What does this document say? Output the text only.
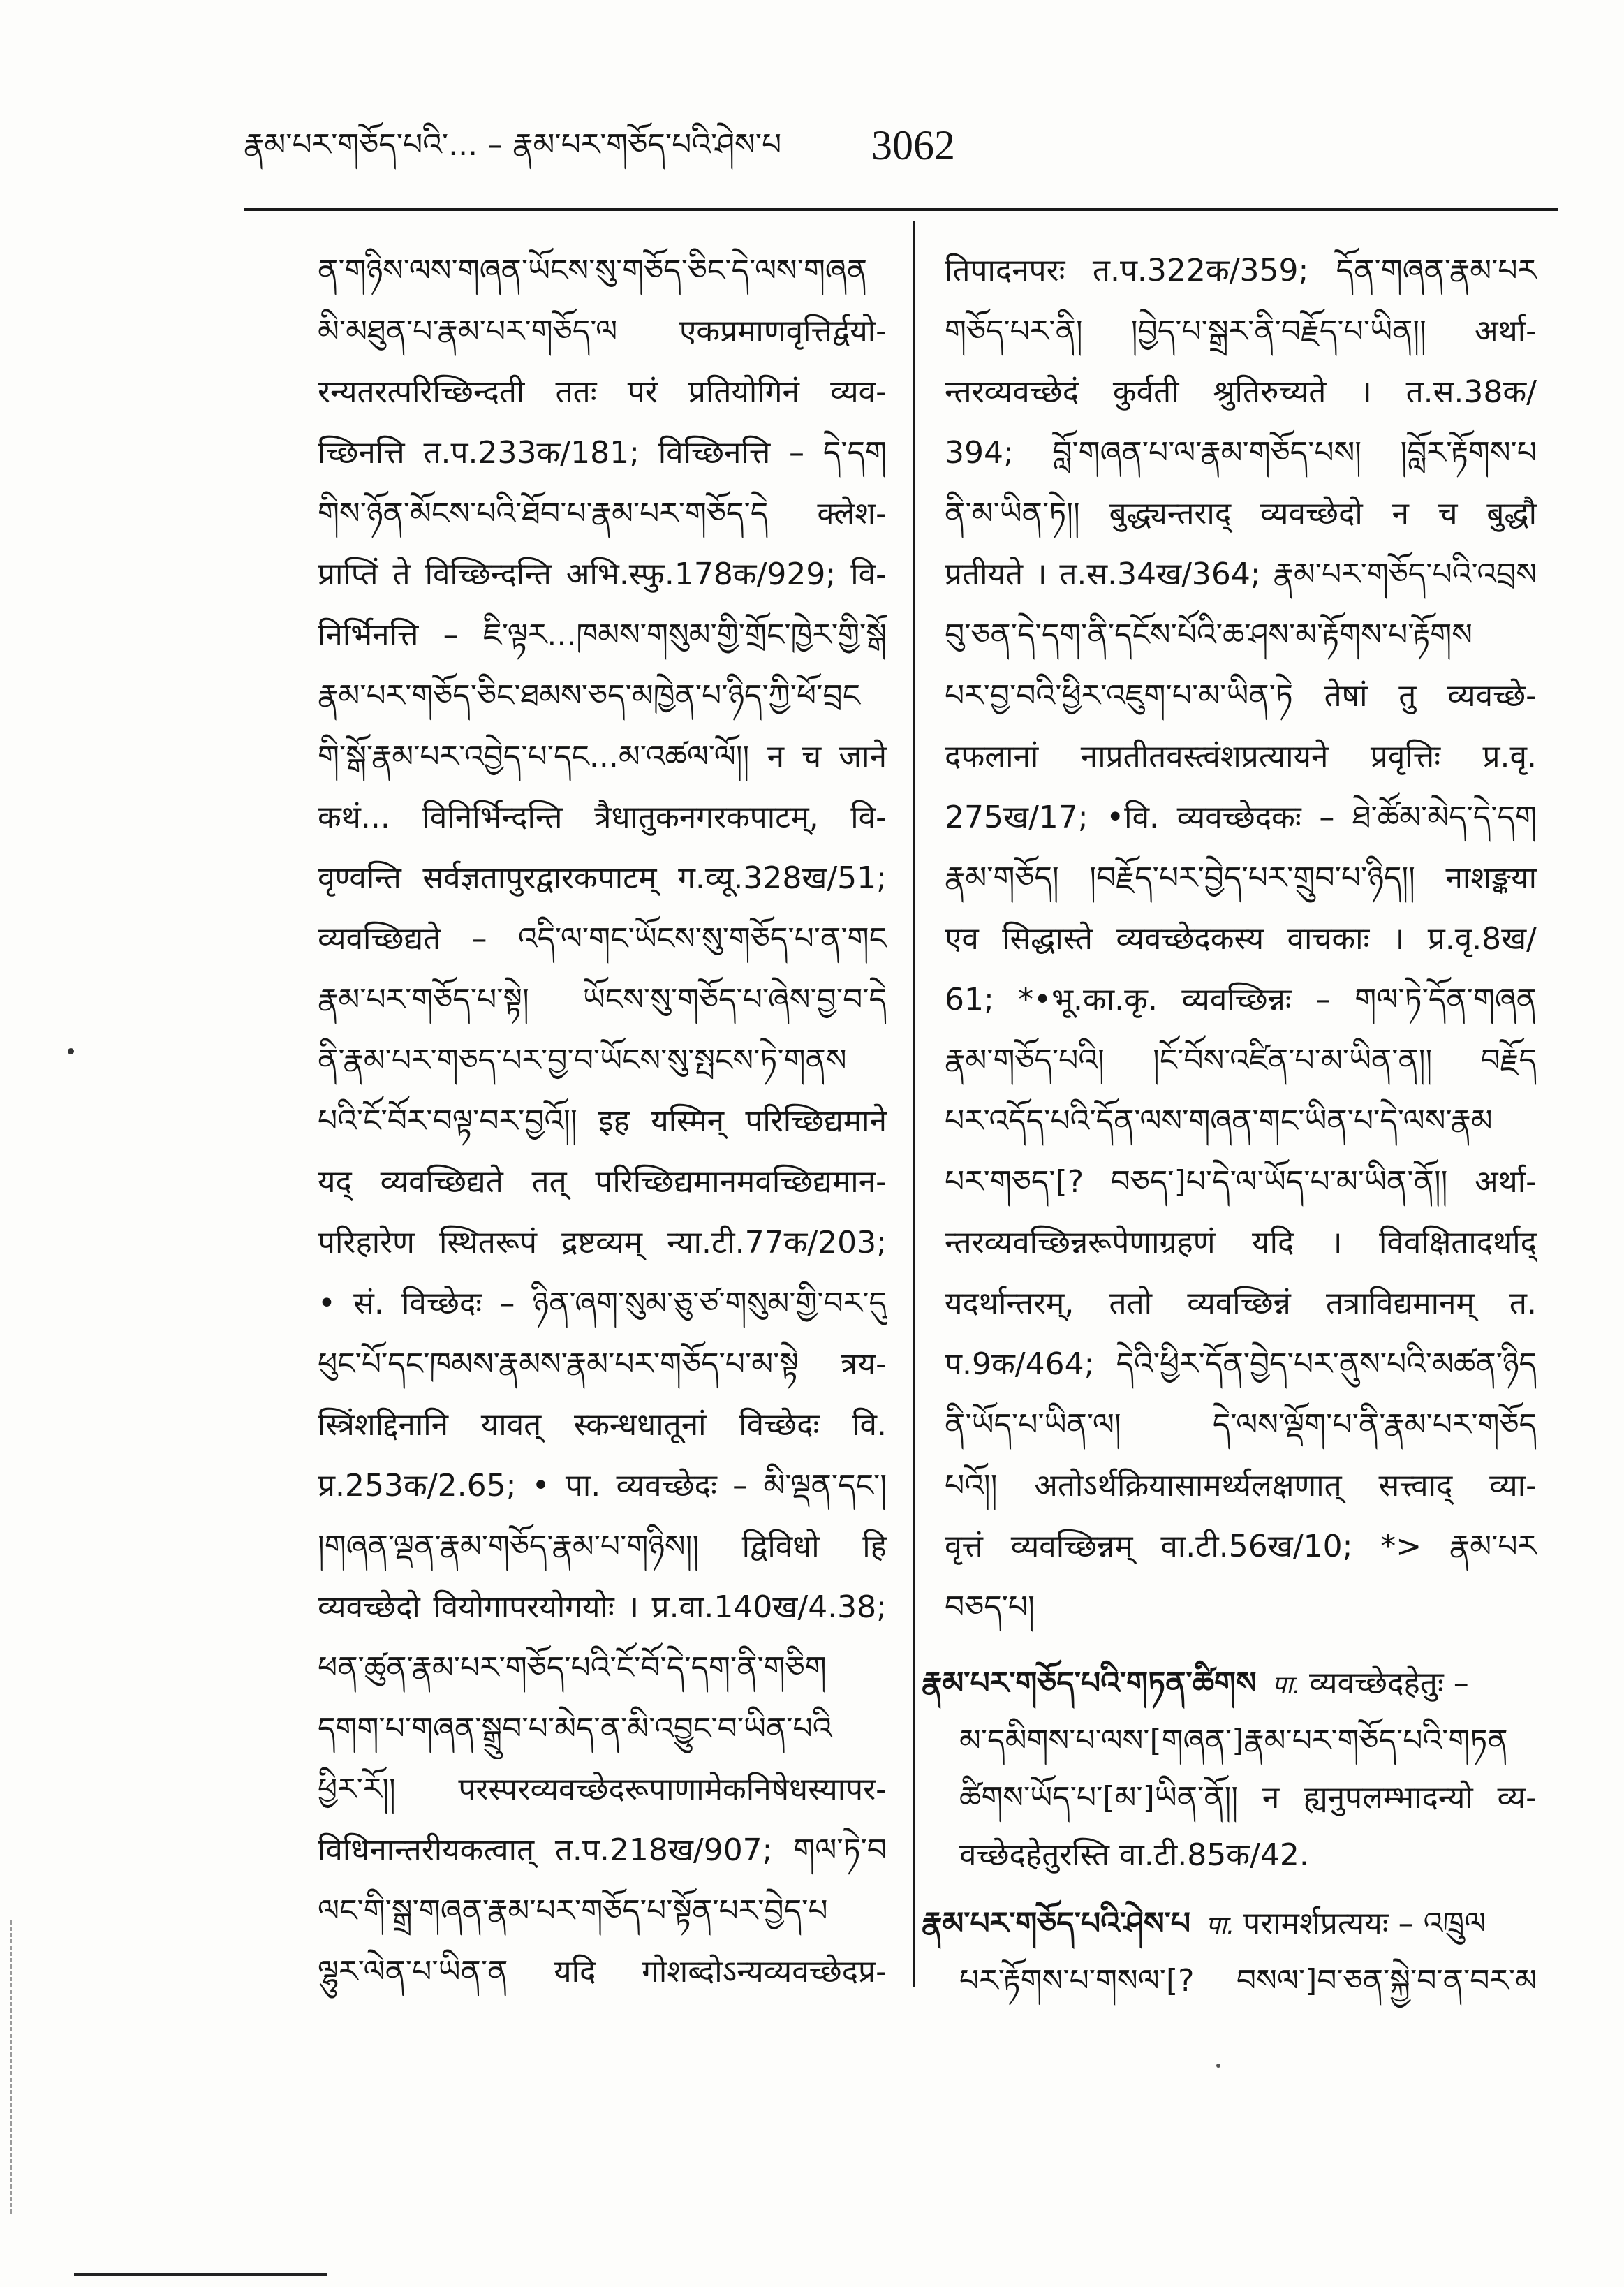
རྣམ་པར་གཅོད་པའི་... – རྣམ་པར་གཅོད་པའི་ཤེས་པ	3062
ན་གཉིས་ལས་གཞན་ཡོངས་སུ་གཅོད་ཅིང་དེ་ལས་གཞན
མི་མཐུན་པ་རྣམ་པར་གཅོད་ལ एकप्रमाणवृत्तिर्द्वयो-
रन्यतरत्परिच्छिन्दती ततः परं प्रतियोगिनं व्यव-
च्छिनत्ति त.प.233क/181; विच्छिनत्ति – དེ་དག
གིས་ཉོན་མོངས་པའི་ཐོབ་པ་རྣམ་པར་གཅོད་དེ क्लेश-
प्राप्तिं ते विच्छिन्दन्ति अभि.स्फु.178क/929; वि-
निर्भिनत्ति – ཇི་ལྟར...ཁམས་གསུམ་གྱི་གྲོང་ཁྱེར་གྱི་སྒོ
རྣམ་པར་གཅོད་ཅིང་ཐམས་ཅད་མཁྱེན་པ་ཉིད་ཀྱི་ཕོ་བྲང
གི་སྒོ་རྣམ་པར་འབྱེད་པ་དང...མ་འཚལ་ལོ།། न च जाने
कथं... विनिर्भिन्दन्ति त्रैधातुकनगरकपाटम्, वि-
वृण्वन्ति सर्वज्ञतापुरद्वारकपाटम् ग.व्यू.328ख/51;
व्यवच्छिद्यते – འདི་ལ་གང་ཡོངས་སུ་གཅོད་པ་ན་གང
རྣམ་པར་གཅོད་པ་སྟེ། ཡོངས་སུ་གཅོད་པ་ཞེས་བྱ་བ་དེ
ནི་རྣམ་པར་གཅད་པར་བྱ་བ་ཡོངས་སུ་སྤངས་ཏེ་གནས
པའི་ངོ་བོར་བལྟ་བར་བྱའོ།། इह यस्मिन् परिच्छिद्यमाने
यद् व्यवच्छिद्यते तत् परिच्छिद्यमानमवच्छिद्यमान-
परिहारेण स्थितरूपं द्रष्टव्यम् न्या.टी.77क/203;
• सं. विच्छेदः – ཉིན་ཞག་སུམ་ཅུ་ཙ་གསུམ་གྱི་བར་དུ
ཕུང་པོ་དང་ཁམས་རྣམས་རྣམ་པར་གཅོད་པ་མ་སྟེ त्रय-
स्त्रिंशद्दिनानि यावत् स्कन्धधातूनां विच्छेदः वि.
प्र.253क/2.65; • पा. व्यवच्छेदः – མི་ལྡན་དང་།
།གཞན་ལྡན་རྣམ་གཅོད་རྣམ་པ་གཉིས།། द्विविधो हि
व्यवच्छेदो वियोगापरयोगयोः । प्र.वा.140ख/4.38;
ཕན་ཚུན་རྣམ་པར་གཅོད་པའི་ངོ་བོ་དེ་དག་ནི་གཅིག
དགག་པ་གཞན་སྒྲུབ་པ་མེད་ན་མི་འབྱུང་བ་ཡིན་པའི
ཕྱིར་རོ།། परस्परव्यवच्छेदरूपाणामेकनिषेधस्यापर-
विधिनान्तरीयकत्वात् त.प.218ख/907; གལ་ཏེ་བ
ལང་གི་སྒྲ་གཞན་རྣམ་པར་གཅོད་པ་སྟོན་པར་བྱེད་པ
ལྷུར་ལེན་པ་ཡིན་ན यदि गोशब्दोऽन्यव्यवच्छेदप्र-
तिपादनपरः त.प.322क/359; དོན་གཞན་རྣམ་པར
གཅོད་པར་ནི། །བྱེད་པ་སྒྲར་ནི་བརྗོད་པ་ཡིན།། अर्था-
न्तरव्यवच्छेदं कुर्वती श्रुतिरुच्यते । त.स.38क/
394; བློ་གཞན་པ་ལ་རྣམ་གཅོད་པས། །བློར་རྟོགས་པ
ནི་མ་ཡིན་ཏེ།། बुद्ध्यन्तराद् व्यवच्छेदो न च बुद्धौ
प्रतीयते । त.स.34ख/364; རྣམ་པར་གཅོད་པའི་འབྲས
བུ་ཅན་དེ་དག་ནི་དངོས་པོའི་ཆ་ཤས་མ་རྟོགས་པ་རྟོགས
པར་བྱ་བའི་ཕྱིར་འཇུག་པ་མ་ཡིན་ཏེ तेषां तु व्यवच्छे-
दफलानां नाप्रतीतवस्त्वंशप्रत्यायने प्रवृत्तिः प्र.वृ.
275ख/17; •वि. व्यवच्छेदकः – ཐེ་ཚོམ་མེད་དེ་དག
རྣམ་གཅོད། །བརྗོད་པར་བྱེད་པར་གྲུབ་པ་ཉིད།། नाशङ्कया
एव सिद्धास्ते व्यवच्छेदकस्य वाचकाः । प्र.वृ.8ख/
61; *•भू.का.कृ. व्यवच्छिन्नः – གལ་ཏེ་དོན་གཞན
རྣམ་གཅོད་པའི། །ངོ་བོས་འཛིན་པ་མ་ཡིན་ན།། བརྗོད
པར་འདོད་པའི་དོན་ལས་གཞན་གང་ཡིན་པ་དེ་ལས་རྣམ
པར་གཅད་[? བཅད་]པ་དེ་ལ་ཡོད་པ་མ་ཡིན་ནོ།། अर्था-
न्तरव्यवच्छिन्नरूपेणाग्रहणं यदि । विवक्षितादर्थाद्
यदर्थान्तरम्, ततो व्यवच्छिन्नं तत्राविद्यमानम् त.
प.9क/464; དེའི་ཕྱིར་དོན་བྱེད་པར་ནུས་པའི་མཚན་ཉིད
ནི་ཡོད་པ་ཡིན་ལ། དེ་ལས་ལྡོག་པ་ནི་རྣམ་པར་གཅོད
པའོ།། अतोऽर्थक्रियासामर्थ्यलक्षणात् सत्त्वाद् व्या-
वृत्तं व्यवच्छिन्नम् वा.टी.56ख/10; *> རྣམ་པར
བཅད་པ།
རྣམ་པར་གཅོད་པའི་གཏན་ཚིགས पा. व्यवच्छेदहेतुः –
མ་དམིགས་པ་ལས་[གཞན་]རྣམ་པར་གཅོད་པའི་གཏན
ཚིགས་ཡོད་པ་[མ་]ཡིན་ནོ།། न ह्यनुपलम्भादन्यो व्य-
वच्छेदहेतुरस्ति वा.टी.85क/42.
རྣམ་པར་གཅོད་པའི་ཤེས་པ पा. परामर्शप्रत्ययः – འཁྲུལ
པར་རྟོགས་པ་གསལ་[? བསལ་]བ་ཅན་སྐྱེ་བ་ན་བར་མ
